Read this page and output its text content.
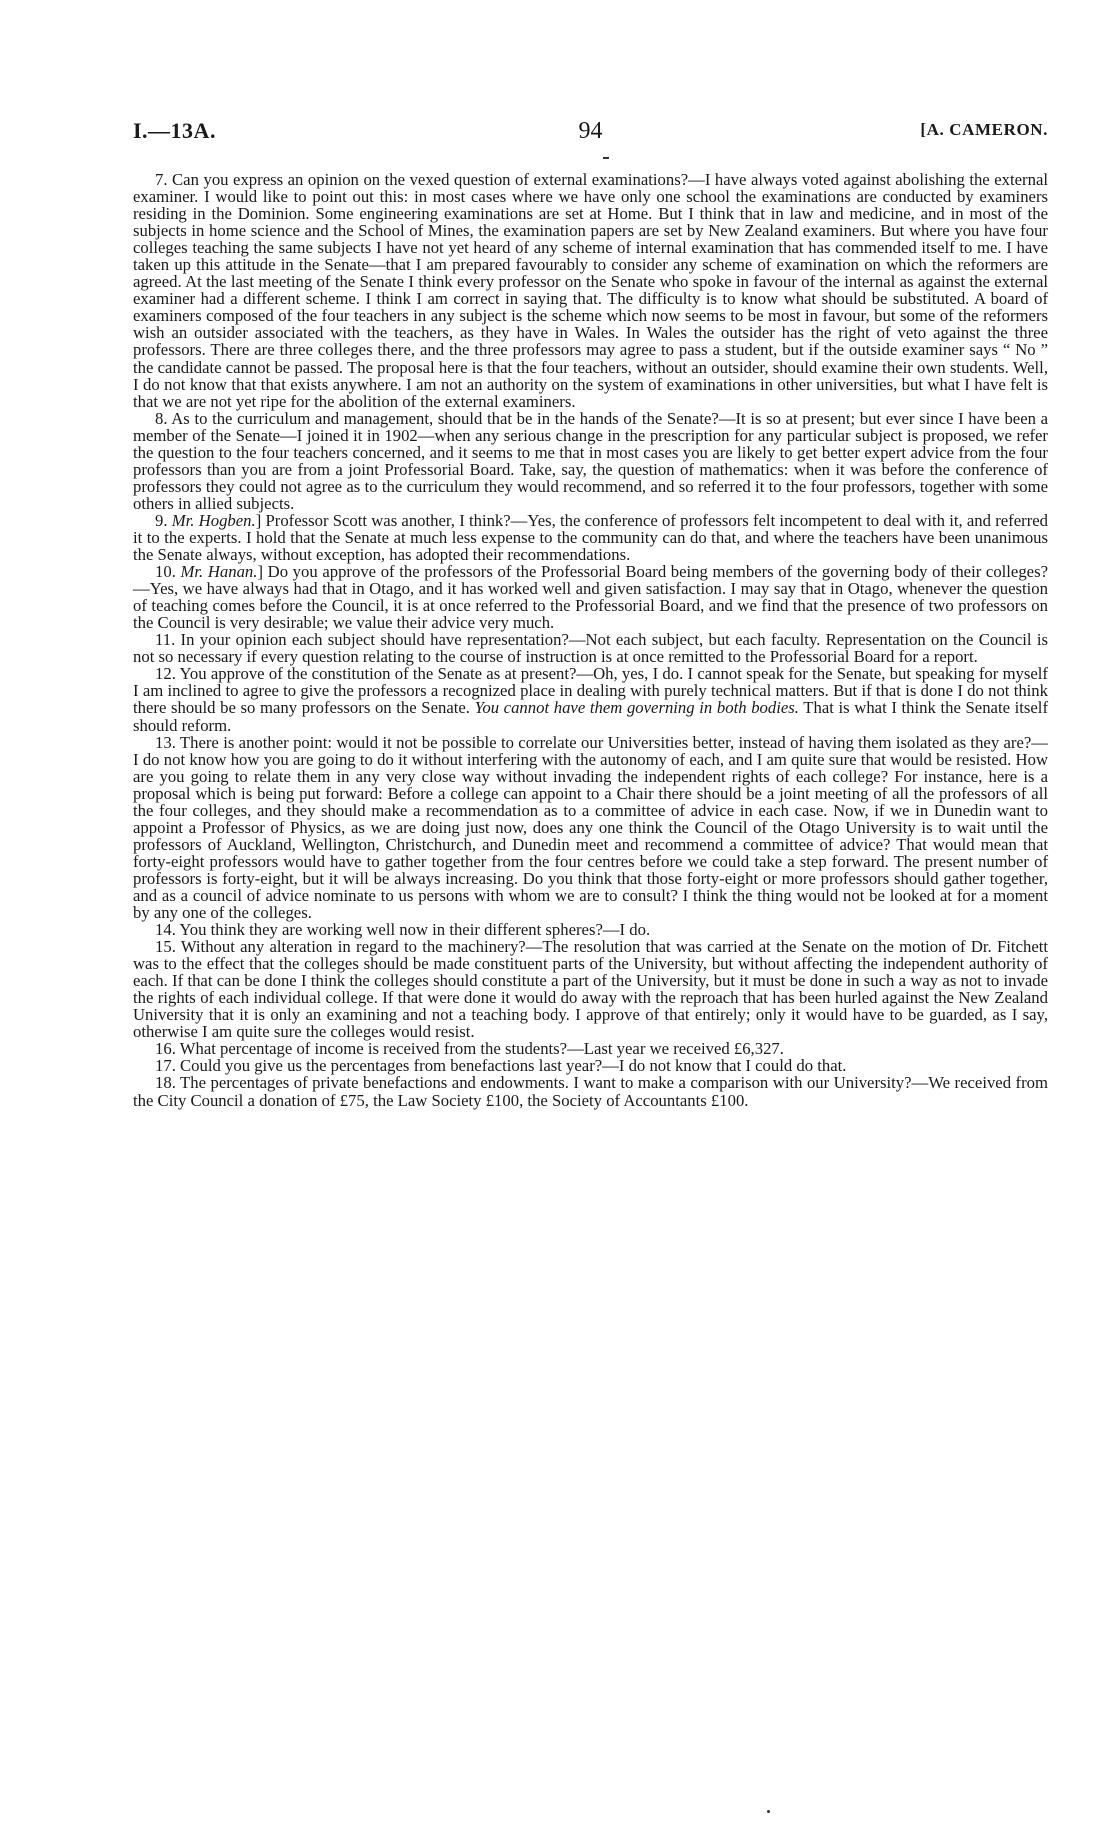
I.—13A.	94	[A. CAMERON.

7. Can you express an opinion on the vexed question of external examinations?—I have always voted against abolishing the external examiner. I would like to point out this: in most cases where we have only one school the examinations are conducted by examiners residing in the Dominion. Some engineering examinations are set at Home. But I think that in law and medicine, and in most of the subjects in home science and the School of Mines, the examination papers are set by New Zealand examiners. But where you have four colleges teaching the same subjects I have not yet heard of any scheme of internal examination that has commended itself to me. I have taken up this attitude in the Senate—that I am prepared favourably to consider any scheme of examination on which the reformers are agreed. At the last meeting of the Senate I think every professor on the Senate who spoke in favour of the internal as against the external examiner had a different scheme. I think I am correct in saying that. The difficulty is to know what should be substituted. A board of examiners composed of the four teachers in any subject is the scheme which now seems to be most in favour, but some of the reformers wish an outsider associated with the teachers, as they have in Wales. In Wales the outsider has the right of veto against the three professors. There are three colleges there, and the three professors may agree to pass a student, but if the outside examiner says “ No ” the candidate cannot be passed. The proposal here is that the four teachers, without an outsider, should examine their own students. Well, I do not know that that exists anywhere. I am not an authority on the system of examinations in other universities, but what I have felt is that we are not yet ripe for the abolition of the external examiners.

8. As to the curriculum and management, should that be in the hands of the Senate?—It is so at present; but ever since I have been a member of the Senate—I joined it in 1902—when any serious change in the prescription for any particular subject is proposed, we refer the question to the four teachers concerned, and it seems to me that in most cases you are likely to get better expert advice from the four professors than you are from a joint Professorial Board. Take, say, the question of mathematics: when it was before the conference of professors they could not agree as to the curriculum they would recommend, and so referred it to the four professors, together with some others in allied subjects.

9. Mr. Hogben.] Professor Scott was another, I think?—Yes, the conference of professors felt incompetent to deal with it, and referred it to the experts. I hold that the Senate at much less expense to the community can do that, and where the teachers have been unanimous the Senate always, without exception, has adopted their recommendations.

10. Mr. Hanan.] Do you approve of the professors of the Professorial Board being members of the governing body of their colleges?—Yes, we have always had that in Otago, and it has worked well and given satisfaction. I may say that in Otago, whenever the question of teaching comes before the Council, it is at once referred to the Professorial Board, and we find that the presence of two professors on the Council is very desirable; we value their advice very much.

11. In your opinion each subject should have representation?—Not each subject, but each faculty. Representation on the Council is not so necessary if every question relating to the course of instruction is at once remitted to the Professorial Board for a report.

12. You approve of the constitution of the Senate as at present?—Oh, yes, I do. I cannot speak for the Senate, but speaking for myself I am inclined to agree to give the professors a recognized place in dealing with purely technical matters. But if that is done I do not think there should be so many professors on the Senate. You cannot have them governing in both bodies. That is what I think the Senate itself should reform.

13. There is another point: would it not be possible to correlate our Universities better, instead of having them isolated as they are?—I do not know how you are going to do it without interfering with the autonomy of each, and I am quite sure that would be resisted. How are you going to relate them in any very close way without invading the independent rights of each college? For instance, here is a proposal which is being put forward: Before a college can appoint to a Chair there should be a joint meeting of all the professors of all the four colleges, and they should make a recommendation as to a committee of advice in each case. Now, if we in Dunedin want to appoint a Professor of Physics, as we are doing just now, does any one think the Council of the Otago University is to wait until the professors of Auckland, Wellington, Christchurch, and Dunedin meet and recommend a committee of advice? That would mean that forty-eight professors would have to gather together from the four centres before we could take a step forward. The present number of professors is forty-eight, but it will be always increasing. Do you think that those forty-eight or more professors should gather together, and as a council of advice nominate to us persons with whom we are to consult? I think the thing would not be looked at for a moment by any one of the colleges.

14. You think they are working well now in their different spheres?—I do.

15. Without any alteration in regard to the machinery?—The resolution that was carried at the Senate on the motion of Dr. Fitchett was to the effect that the colleges should be made constituent parts of the University, but without affecting the independent authority of each. If that can be done I think the colleges should constitute a part of the University, but it must be done in such a way as not to invade the rights of each individual college. If that were done it would do away with the reproach that has been hurled against the New Zealand University that it is only an examining and not a teaching body. I approve of that entirely; only it would have to be guarded, as I say, otherwise I am quite sure the colleges would resist.

16. What percentage of income is received from the students?—Last year we received £6,327.

17. Could you give us the percentages from benefactions last year?—I do not know that I could do that.

18. The percentages of private benefactions and endowments. I want to make a comparison with our University?—We received from the City Council a donation of £75, the Law Society £100, the Society of Accountants £100.
